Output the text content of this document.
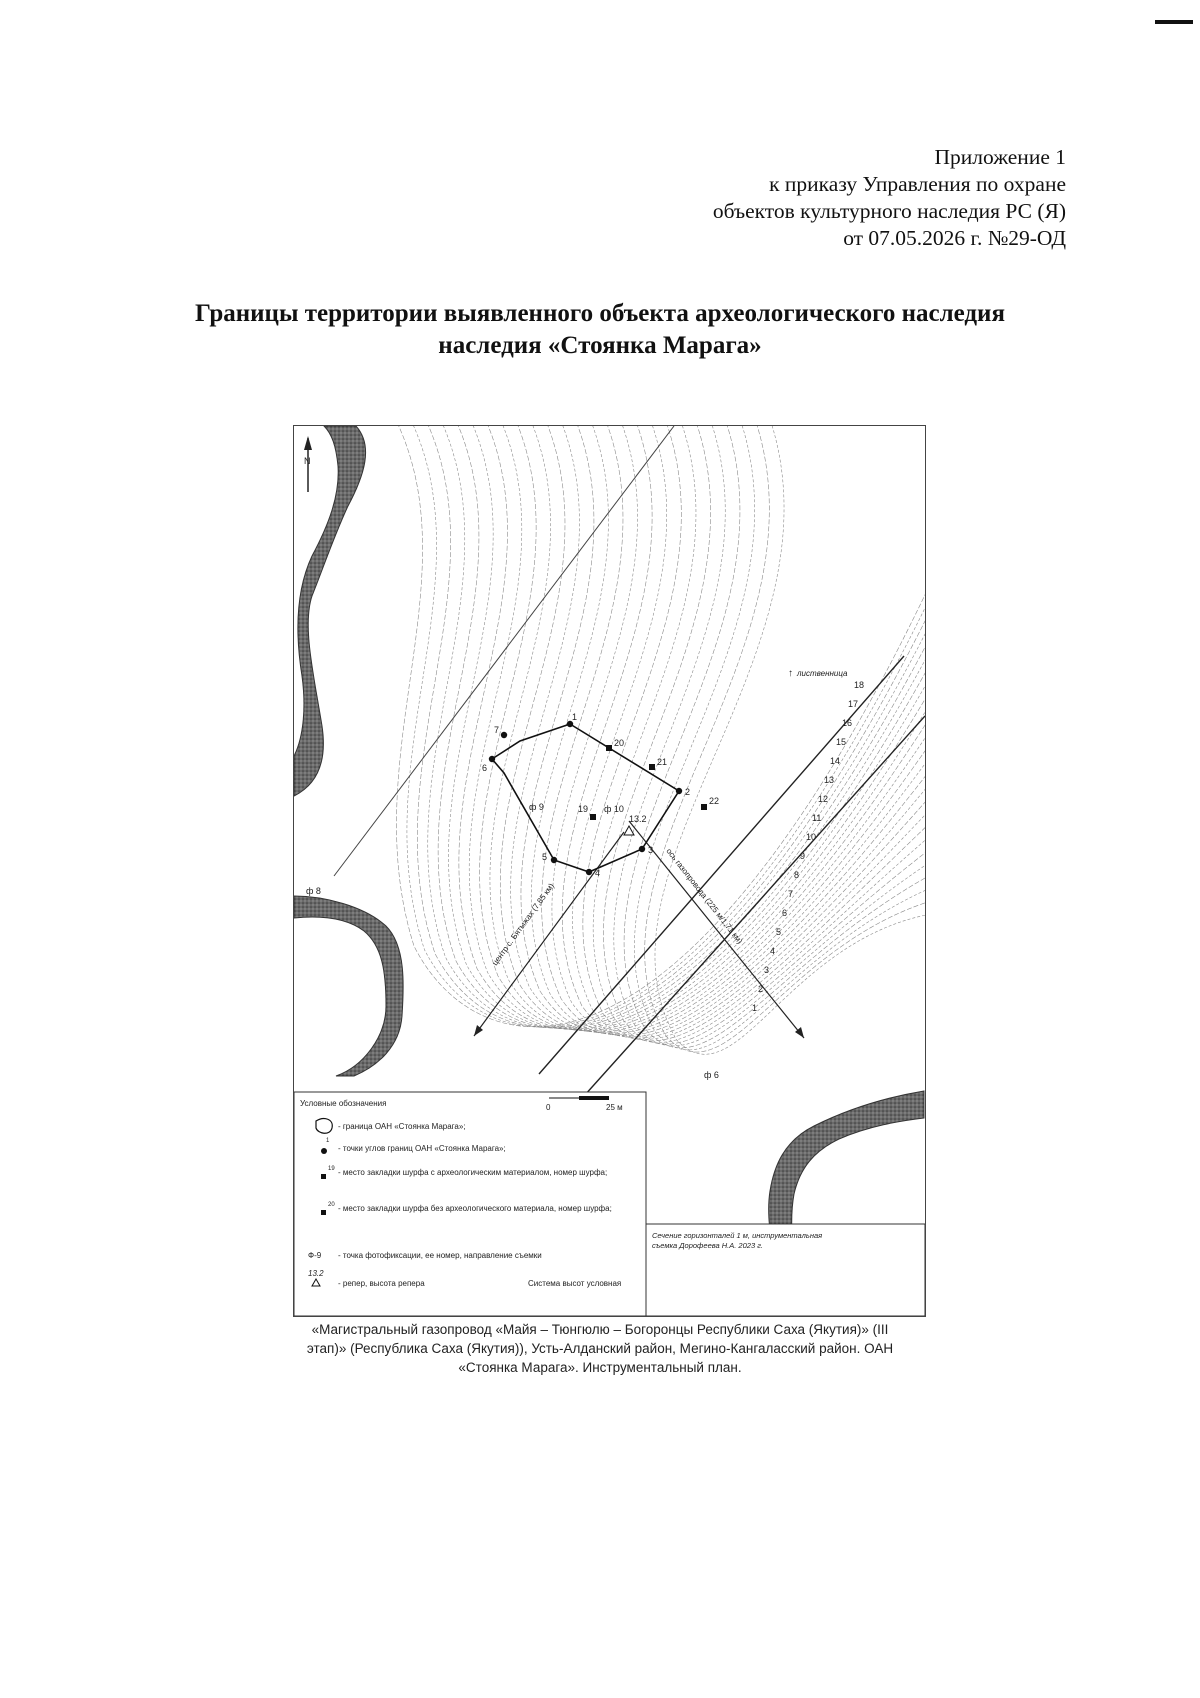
Приложение 1
к приказу Управления по охране
объектов культурного наследия РС (Я)
от 07.05.2026 г. №29-ОД
Границы территории выявленного объекта археологического наследия
наследия «Стоянка Марага»
N
1
2
3
4
5
6
7
20
21
22
19
ф 8
ф 9	ф 10
ф 6
13.2
↑ лиственница
центр с. Бятыжах (7,85 км)	ось газопровода (225 м/1,71 км)
18
17
16
15
14
13
12
11
10
9
8
7
6
5
4
3
2
1
Условные обозначения	0	25 м
- граница ОАН «Стоянка Марага»;
1
- точки углов границ ОАН «Стоянка Марага»;
19 - место закладки шурфа с археологическим материалом, номер шурфа;
20 - место закладки шурфа без археологического материала, номер шурфа;
Ф-9 - точка фотофиксации, ее номер, направление съемки
13.2
- репер, высота репера	Система высот условная
Сечение горизонталей 1 м, инструментальная
съемка Дорофеева Н.А. 2023 г.
«Магистральный газопровод «Майя – Тюнгюлю – Богоронцы Республики Саха (Якутия)» (III этап)» (Республика Саха (Якутия)), Усть-Алданский район, Мегино-Кангаласский район. ОАН «Стоянка Марага». Инструментальный план.
